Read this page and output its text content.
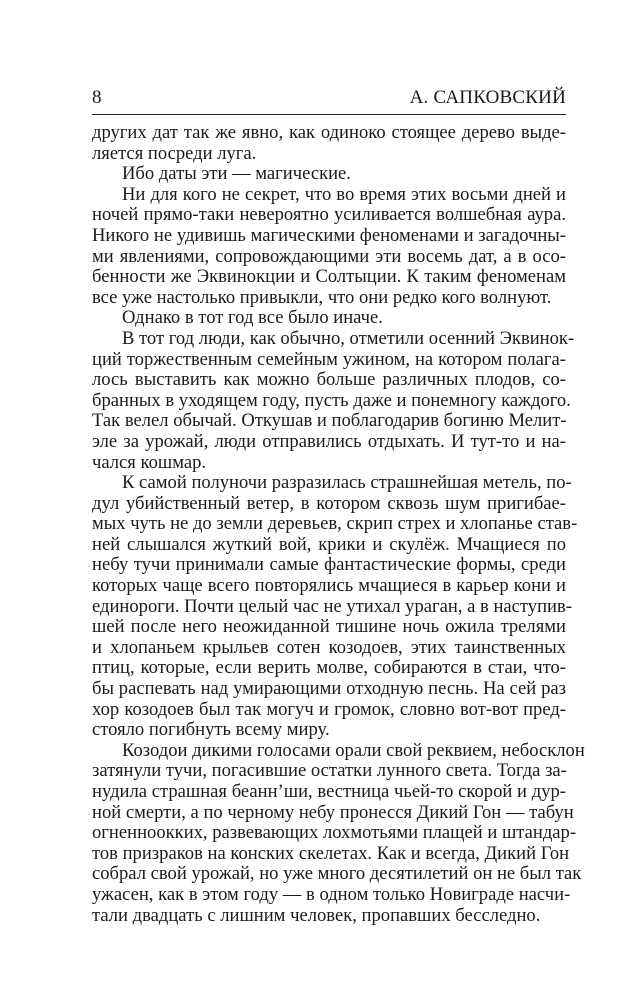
8	А. САПКОВСКИЙ
других дат так же явно, как одиноко стоящее дерево выде-
ляется посреди луга.
Ибо даты эти — магические.
Ни для кого не секрет, что во время этих восьми дней и
ночей прямо-таки невероятно усиливается волшебная аура.
Никого не удивишь магическими феноменами и загадочны-
ми явлениями, сопровождающими эти восемь дат, а в осо-
бенности же Эквинокции и Солтыции. К таким феноменам
все уже настолько привыкли, что они редко кого волнуют.
Однако в тот год все было иначе.
В тот год люди, как обычно, отметили осенний Эквинок-
ций торжественным семейным ужином, на котором полага-
лось выставить как можно больше различных плодов, со-
бранных в уходящем году, пусть даже и понемногу каждого.
Так велел обычай. Откушав и поблагодарив богиню Мелит-
эле за урожай, люди отправились отдыхать. И тут-то и на-
чался кошмар.
К самой полуночи разразилась страшнейшая метель, по-
дул убийственный ветер, в котором сквозь шум пригибае-
мых чуть не до земли деревьев, скрип стрех и хлопанье став-
ней слышался жуткий вой, крики и скулёж. Мчащиеся по
небу тучи принимали самые фантастические формы, среди
которых чаще всего повторялись мчащиеся в карьер кони и
единороги. Почти целый час не утихал ураган, а в наступив-
шей после него неожиданной тишине ночь ожила трелями
и хлопаньем крыльев сотен козодоев, этих таинственных
птиц, которые, если верить молве, собираются в стаи, что-
бы распевать над умирающими отходную песнь. На сей раз
хор козодоев был так могуч и громок, словно вот-вот пред-
стояло погибнуть всему миру.
Козодои дикими голосами орали свой реквием, небосклон
затянули тучи, погасившие остатки лунного света. Тогда за-
нудила страшная беанн’ши, вестница чьей-то скорой и дур-
ной смерти, а по черному небу пронесся Дикий Гон — табун
огненноокких, развевающих лохмотьями плащей и штандар-
тов призраков на конских скелетах. Как и всегда, Дикий Гон
собрал свой урожай, но уже много десятилетий он не был так
ужасен, как в этом году — в одном только Новиграде насчи-
тали двадцать с лишним человек, пропавших бесследно.
